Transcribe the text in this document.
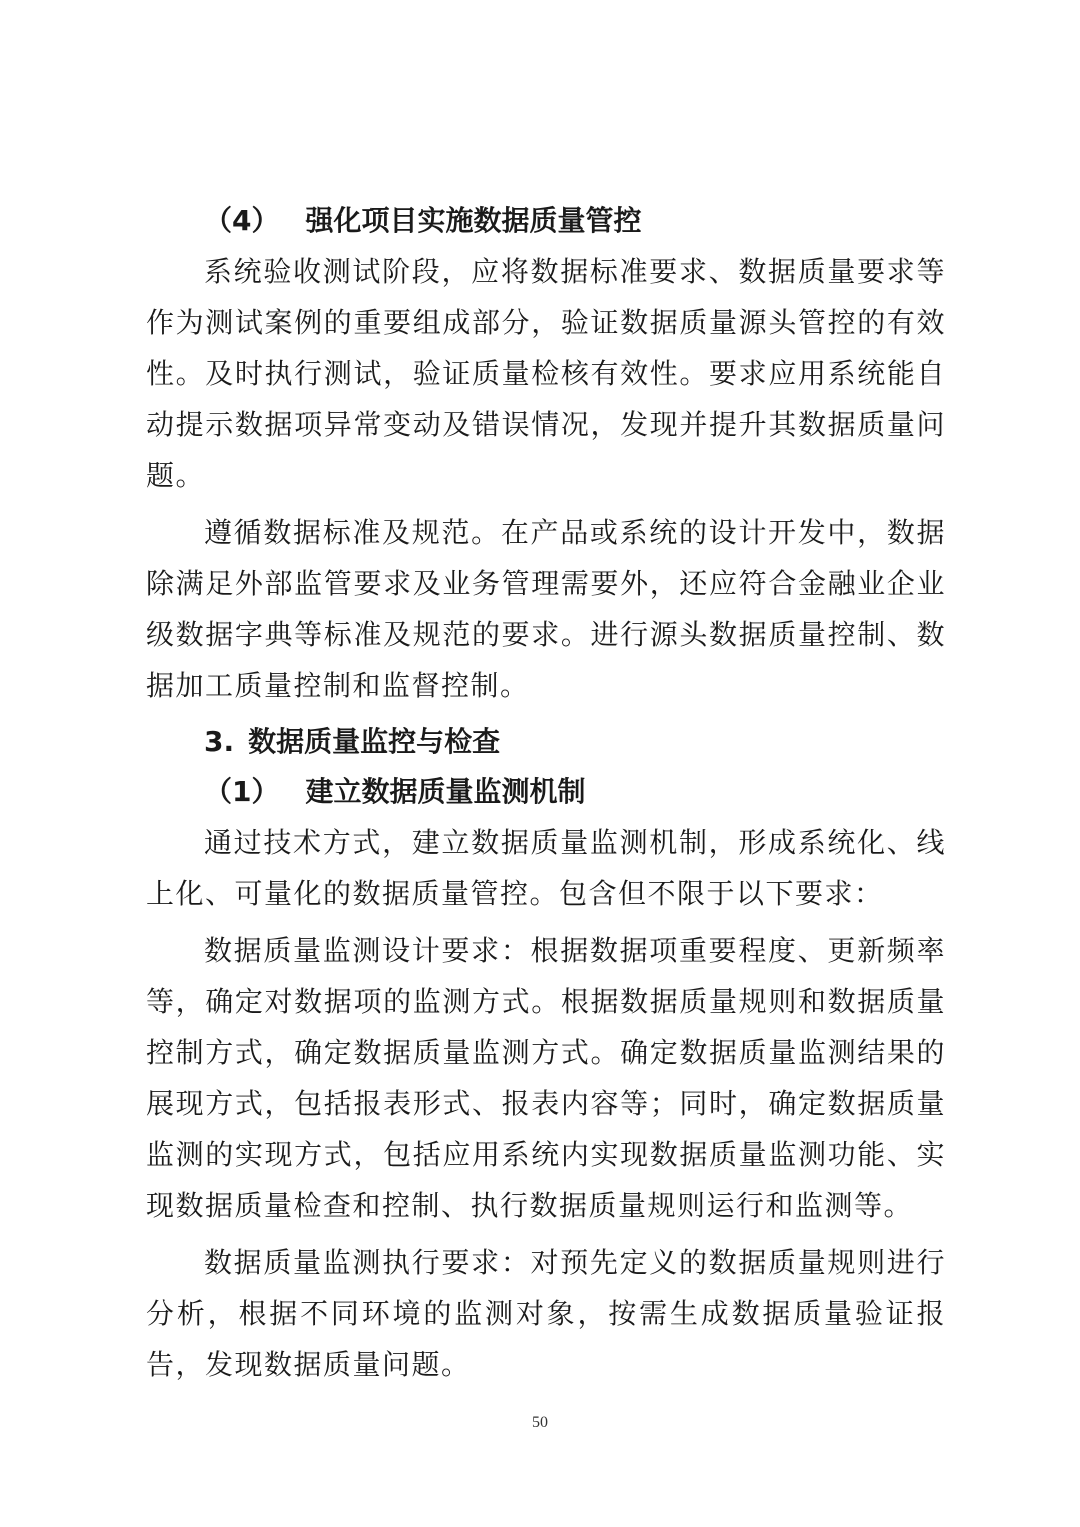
（4） 强化项目实施数据质量管控

系统验收测试阶段，应将数据标准要求、数据质量要求等作为测试案例的重要组成部分，验证数据质量源头管控的有效性。及时执行测试，验证质量检核有效性。要求应用系统能自动提示数据项异常变动及错误情况，发现并提升其数据质量问题。

遵循数据标准及规范。在产品或系统的设计开发中，数据除满足外部监管要求及业务管理需要外，还应符合金融业企业级数据字典等标准及规范的要求。进行源头数据质量控制、数据加工质量控制和监督控制。

3. 数据质量监控与检查
（1） 建立数据质量监测机制

通过技术方式，建立数据质量监测机制，形成系统化、线上化、可量化的数据质量管控。包含但不限于以下要求：

数据质量监测设计要求：根据数据项重要程度、更新频率等，确定对数据项的监测方式。根据数据质量规则和数据质量控制方式，确定数据质量监测方式。确定数据质量监测结果的展现方式，包括报表形式、报表内容等；同时，确定数据质量监测的实现方式，包括应用系统内实现数据质量监测功能、实现数据质量检查和控制、执行数据质量规则运行和监测等。

数据质量监测执行要求：对预先定义的数据质量规则进行分析，根据不同环境的监测对象，按需生成数据质量验证报告，发现数据质量问题。

50
